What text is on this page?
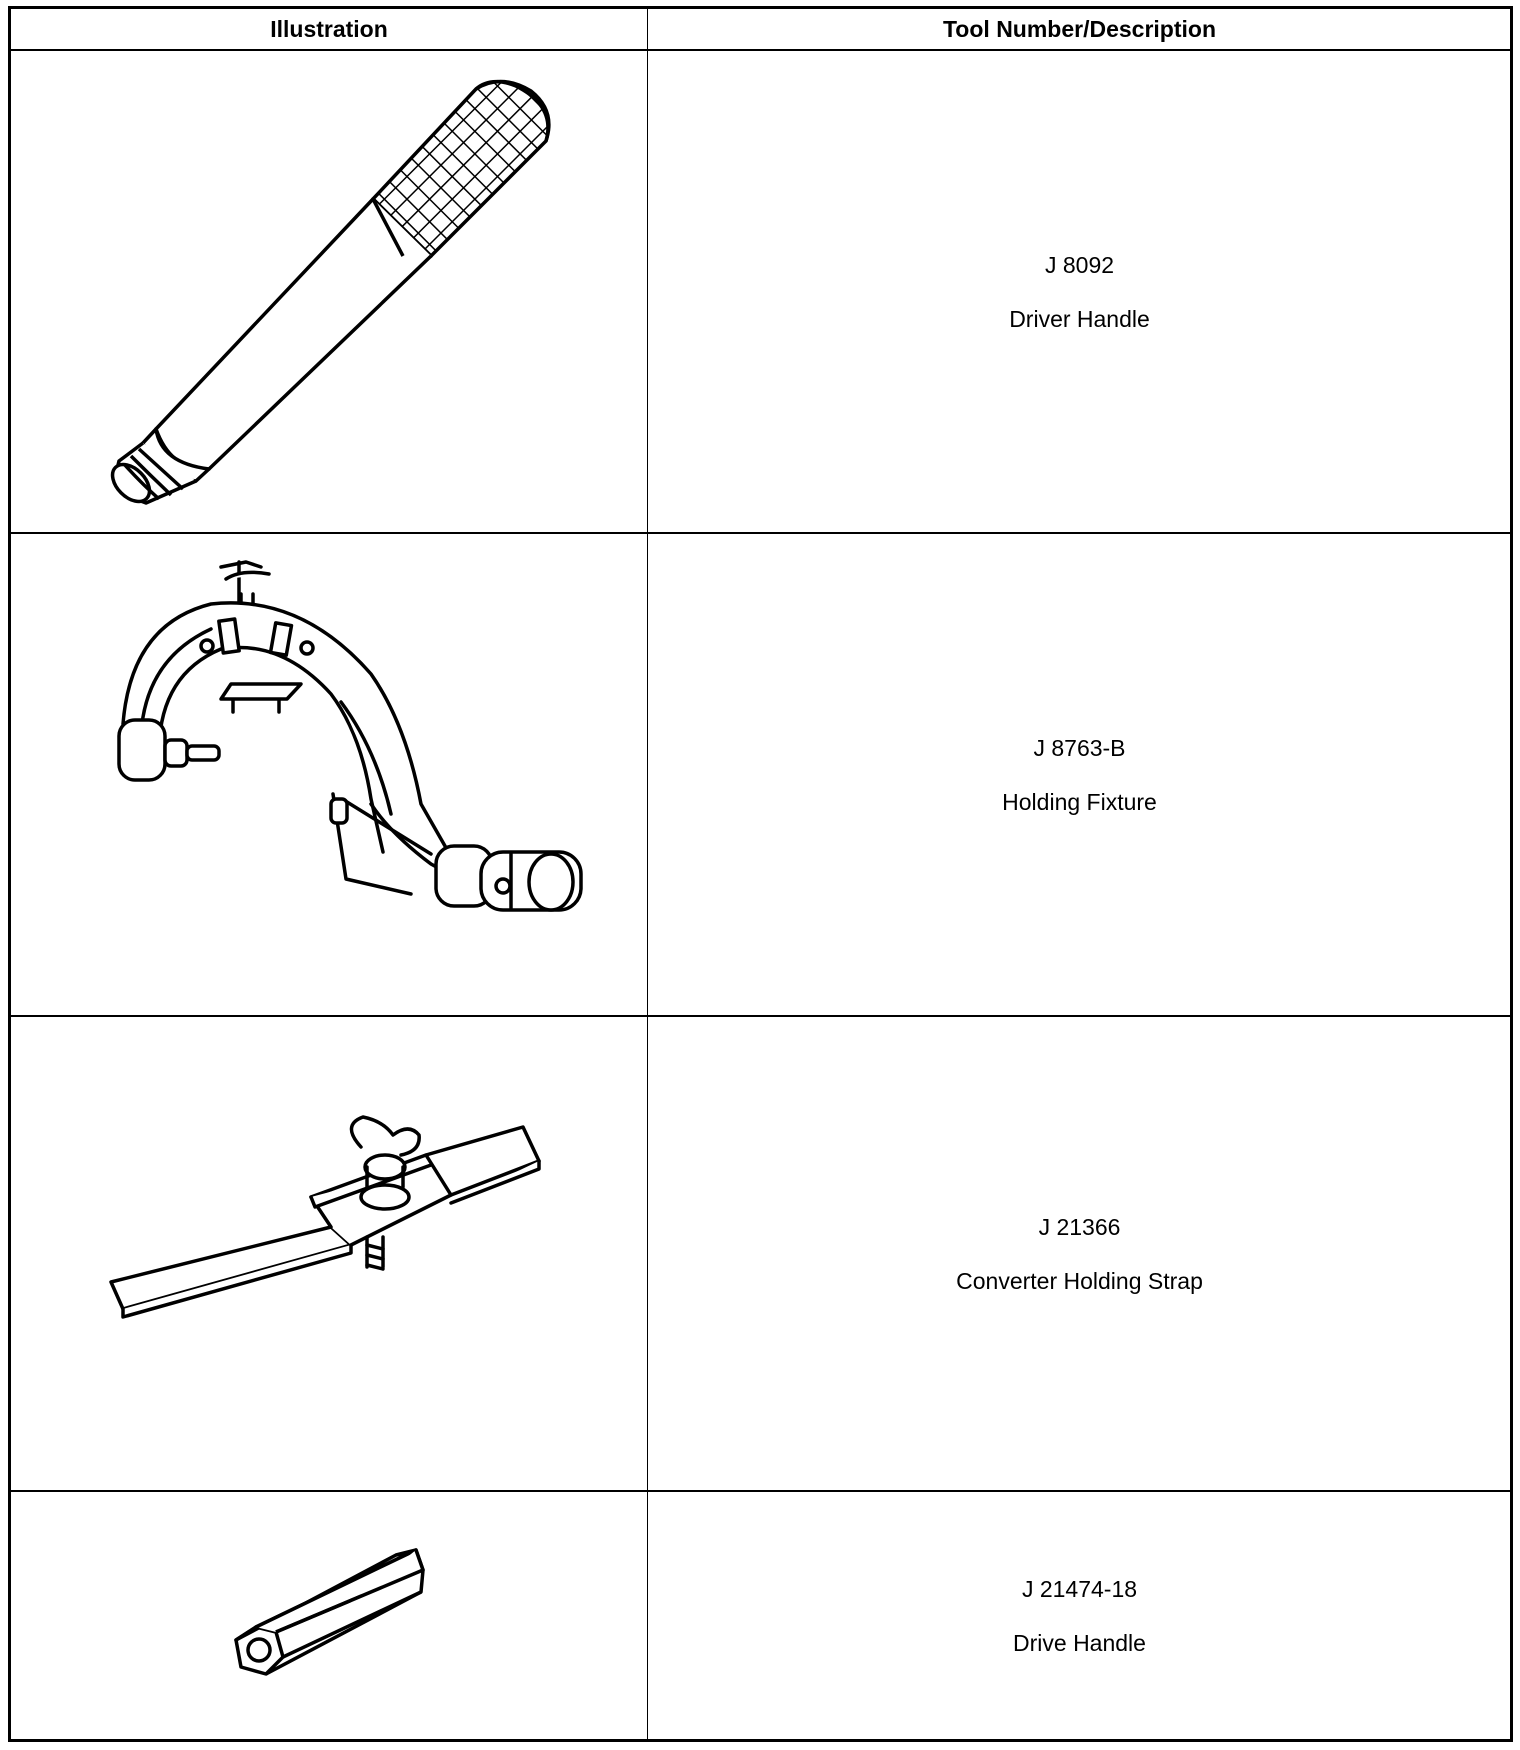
Illustration	Tool Number/Description
J 8092
Driver Handle
J 8763-B
Holding Fixture
J 21366
Converter Holding Strap
J 21474-18
Drive Handle
